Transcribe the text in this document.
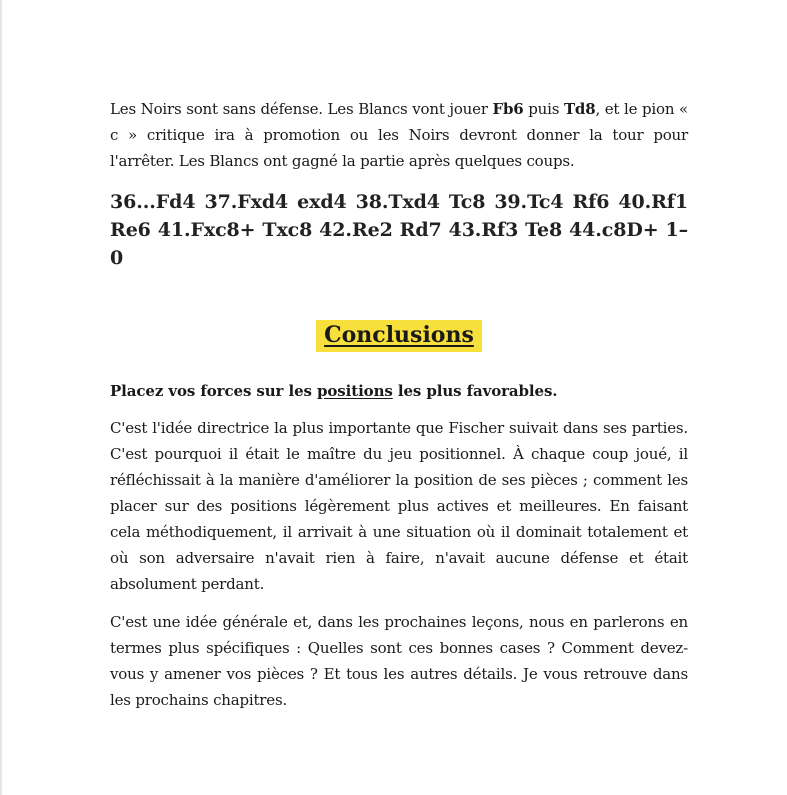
Les Noirs sont sans défense. Les Blancs vont jouer Fb6 puis Td8, et le pion « c » critique ira à promotion ou les Noirs devront donner la tour pour l'arrêter. Les Blancs ont gagné la partie après quelques coups.

36...Fd4 37.Fxd4 exd4 38.Txd4 Tc8 39.Tc4 Rf6 40.Rf1 Re6 41.Fxc8+ Txc8 42.Re2 Rd7 43.Rf3 Te8 44.c8D+ 1–0

Conclusions

Placez vos forces sur les positions les plus favorables.

C'est l'idée directrice la plus importante que Fischer suivait dans ses parties. C'est pourquoi il était le maître du jeu positionnel. À chaque coup joué, il réfléchissait à la manière d'améliorer la position de ses pièces ; comment les placer sur des positions légèrement plus actives et meilleures. En faisant cela méthodiquement, il arrivait à une situation où il dominait totalement et où son adversaire n'avait rien à faire, n'avait aucune défense et était absolument perdant.

C'est une idée générale et, dans les prochaines leçons, nous en parlerons en termes plus spécifiques : Quelles sont ces bonnes cases ? Comment devez-vous y amener vos pièces ? Et tous les autres détails. Je vous retrouve dans les prochains chapitres.
